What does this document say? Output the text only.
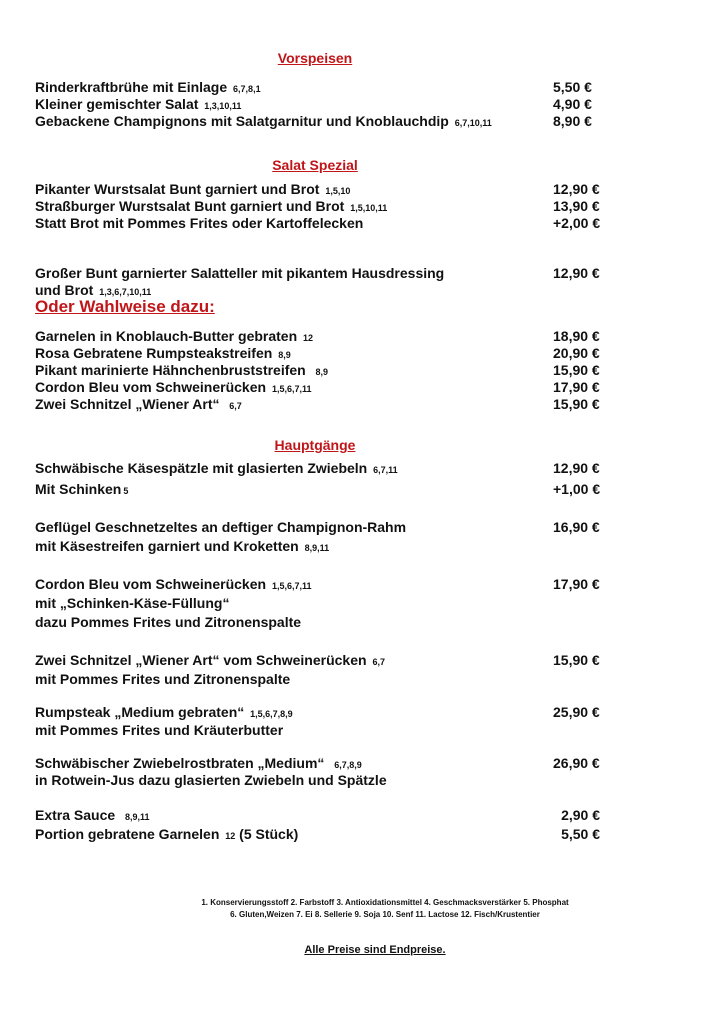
Vorspeisen
Rinderkraftbrühe mit Einlage 6,7,8,1	5,50 €
Kleiner gemischter Salat 1,3,10,11	4,90 €
Gebackene Champignons mit Salatgarnitur und Knoblauchdip 6,7,10,11	8,90 €
Salat Spezial
Pikanter Wurstsalat Bunt garniert und Brot 1,5,10	12,90 €
Straßburger Wurstsalat Bunt garniert und Brot 1,5,10,11	13,90 €
Statt Brot mit Pommes Frites oder Kartoffelecken	+2,00 €
Großer Bunt garnierter Salatteller mit pikantem Hausdressing	12,90 €
und Brot 1,3,6,7,10,11
Oder Wahlweise dazu:
Garnelen in Knoblauch-Butter gebraten 12	18,90 €
Rosa Gebratene Rumpsteakstreifen 8,9	20,90 €
Pikant marinierte Hähnchenbruststreifen 8,9	15,90 €
Cordon Bleu vom Schweinerücken 1,5,6,7,11	17,90 €
Zwei Schnitzel „Wiener Art“ 6,7	15,90 €
Hauptgänge
Schwäbische Käsespätzle mit glasierten Zwiebeln 6,7,11	12,90 €
Mit Schinken 5	+1,00 €
Geflügel Geschnetzeltes an deftiger Champignon-Rahm	16,90 €
mit Käsestreifen garniert und Kroketten 8,9,11
Cordon Bleu vom Schweinerücken 1,5,6,7,11	17,90 €
mit „Schinken-Käse-Füllung“
dazu Pommes Frites und Zitronenspalte
Zwei Schnitzel „Wiener Art“ vom Schweinerücken 6,7	15,90 €
mit Pommes Frites und Zitronenspalte
Rumpsteak „Medium gebraten“ 1,5,6,7,8,9	25,90 €
mit Pommes Frites und Kräuterbutter
Schwäbischer Zwiebelrostbraten „Medium“ 6,7,8,9	26,90 €
in Rotwein-Jus dazu glasierten Zwiebeln und Spätzle
Extra Sauce 8,9,11	2,90 €
Portion gebratene Garnelen 12 (5 Stück)	5,50 €
1. Konservierungsstoff 2. Farbstoff 3. Antioxidationsmittel 4. Geschmacksverstärker 5. Phosphat
6. Gluten,Weizen 7. Ei 8. Sellerie 9. Soja 10. Senf 11. Lactose 12. Fisch/Krustentier
Alle Preise sind Endpreise.
